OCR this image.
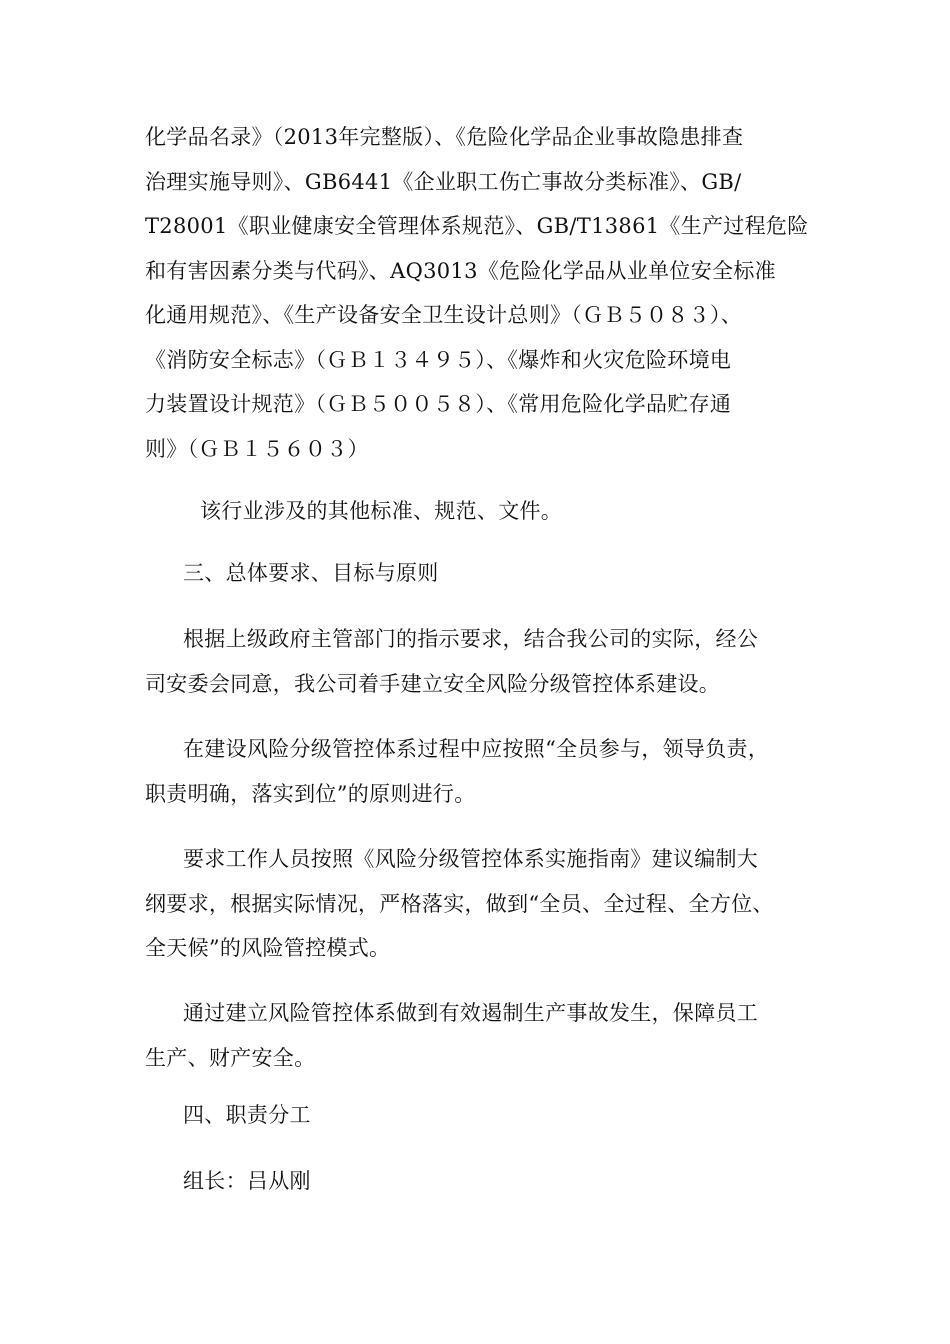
化学品名录》（2013年完整版）、《危险化学品企业事故隐患排查
治理实施导则》、GB6441《企业职工伤亡事故分类标准》、GB/
T28001《职业健康安全管理体系规范》、GB/T13861《生产过程危险
和有害因素分类与代码》、AQ3013《危险化学品从业单位安全标准
化通用规范》、《生产设备安全卫生设计总则》（ＧＢ５０８３）、
《消防安全标志》（ＧＢ１３４９５）、《爆炸和火灾危险环境电
力装置设计规范》（ＧＢ５００５８）、《常用危险化学品贮存通
则》（ＧＢ１５６０３）
该行业涉及的其他标准、规范、文件。
三、总体要求、目标与原则
根据上级政府主管部门的指示要求，结合我公司的实际，经公
司安委会同意，我公司着手建立安全风险分级管控体系建设。
在建设风险分级管控体系过程中应按照“全员参与，领导负责，
职责明确，落实到位”的原则进行。
要求工作人员按照《风险分级管控体系实施指南》建议编制大
纲要求，根据实际情况，严格落实，做到“全员、全过程、全方位、
全天候”的风险管控模式。
通过建立风险管控体系做到有效遏制生产事故发生，保障员工
生产、财产安全。
四、职责分工
组长：吕从刚
